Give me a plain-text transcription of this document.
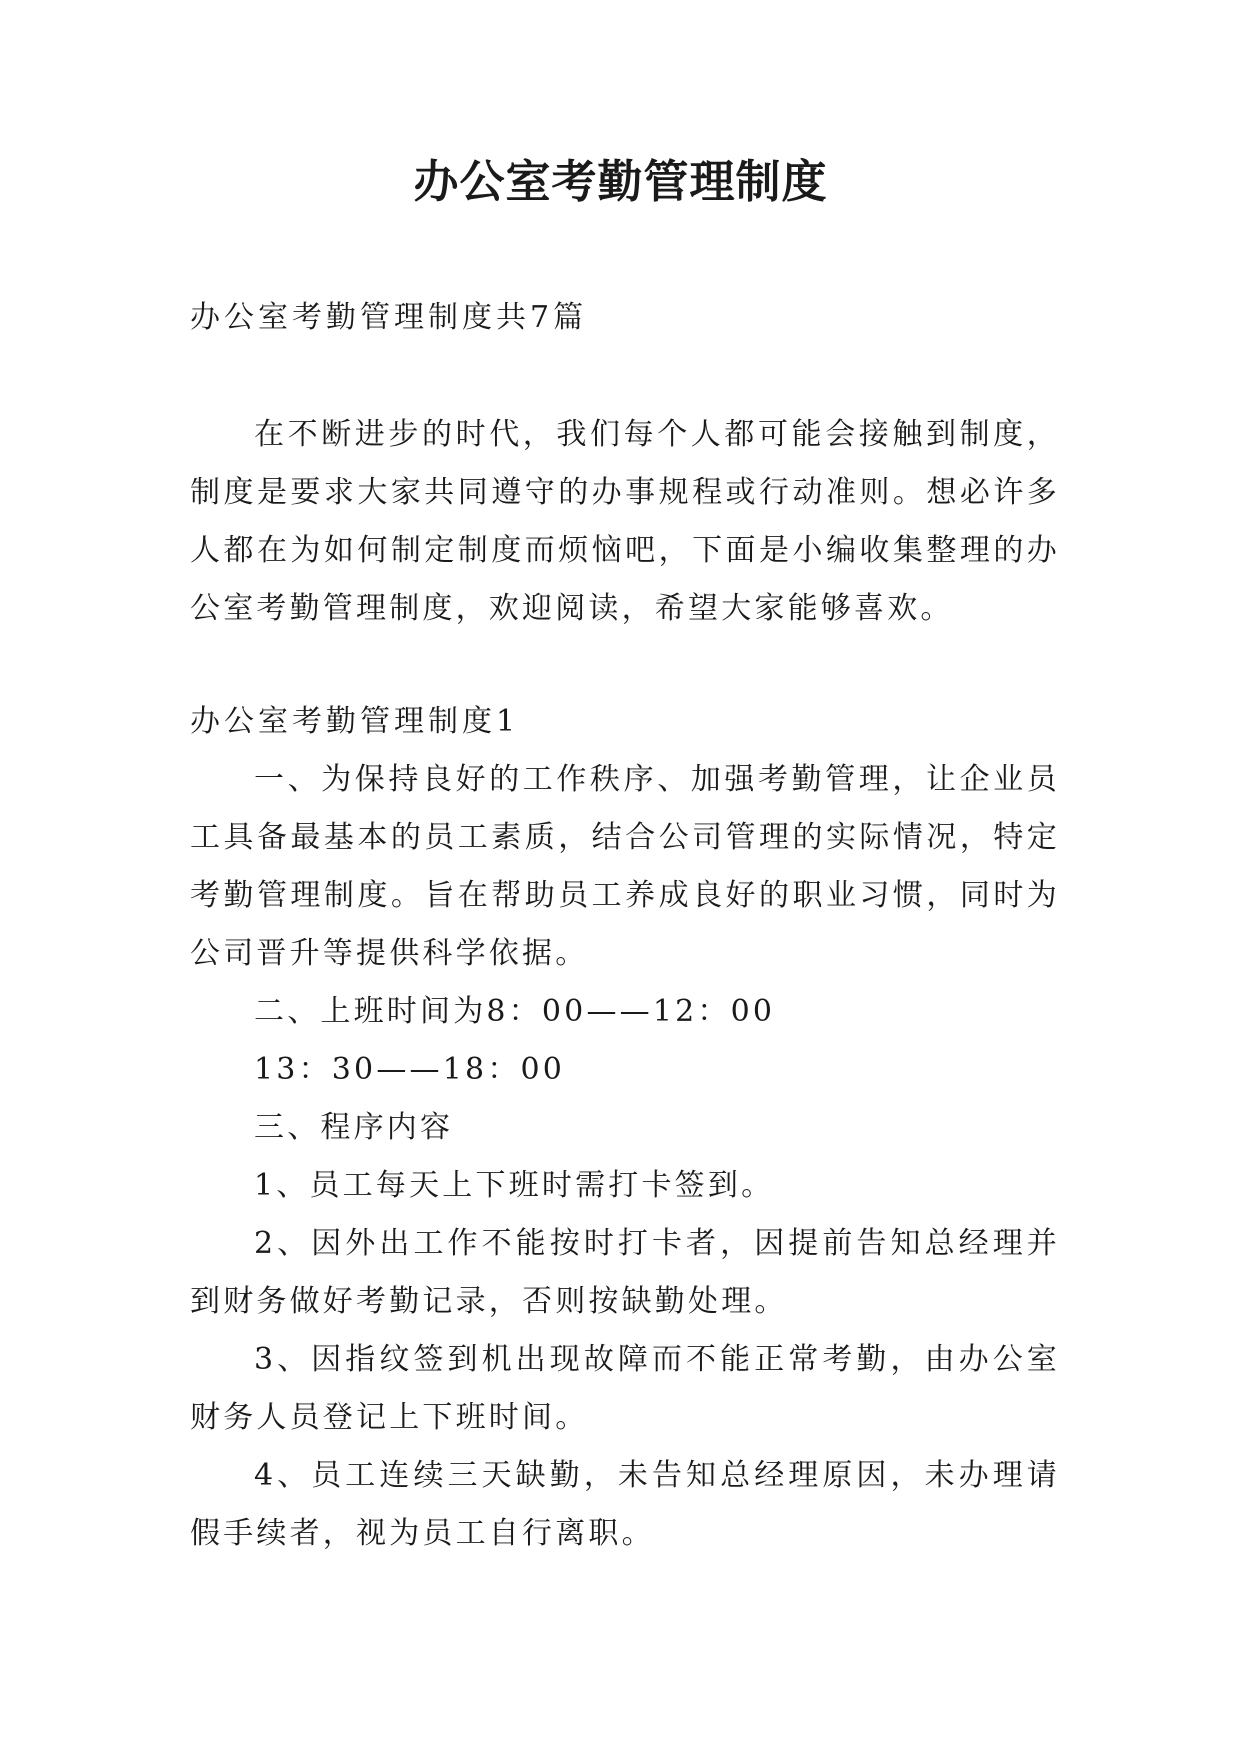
办公室考勤管理制度
办公室考勤管理制度共7篇
在不断进步的时代，我们每个人都可能会接触到制度，制度是要求大家共同遵守的办事规程或行动准则。想必许多人都在为如何制定制度而烦恼吧，下面是小编收集整理的办公室考勤管理制度，欢迎阅读，希望大家能够喜欢。
办公室考勤管理制度1

一、为保持良好的工作秩序、加强考勤管理，让企业员工具备最基本的员工素质，结合公司管理的实际情况，特定考勤管理制度。旨在帮助员工养成良好的职业习惯，同时为公司晋升等提供科学依据。

二、上班时间为8：00——12：00

13：30——18：00

三、程序内容

1、员工每天上下班时需打卡签到。

2、因外出工作不能按时打卡者，因提前告知总经理并到财务做好考勤记录，否则按缺勤处理。

3、因指纹签到机出现故障而不能正常考勤，由办公室财务人员登记上下班时间。

4、员工连续三天缺勤，未告知总经理原因，未办理请假手续者，视为员工自行离职。
